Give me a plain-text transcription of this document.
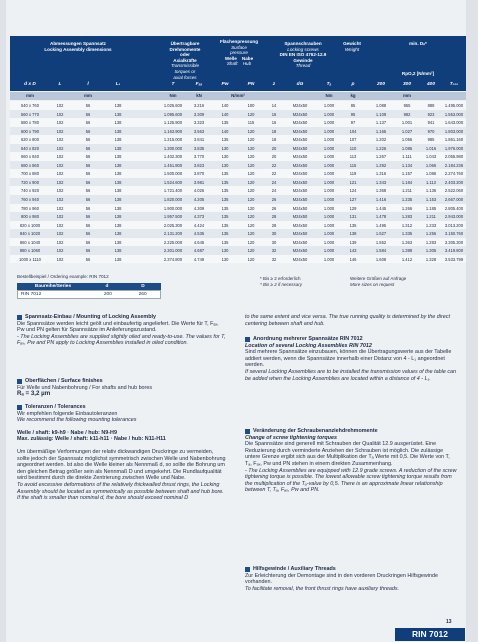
Abmessungen Spannsatz
Locking Assembly dimensions
Übertragbare
Drehmomente
oder
Axialkräfte
Transmissible
torques or
axial forces
Flächenpressung
Surface
pressure
Welle Nabe
Shaft Hub
Spannschrauben
Locking screws
DIN EN ISO 4762-12.9
Gewinde
Thread
Gewicht
Weight
min. Dₙ*
RpO,2 [N/mm²]
d x D	L	l	L₁	T	Fₐₓ	Pw	PN	z	dG	Tₐ	p	200	300	400	T₂₀₀
mm	mm	Nm	kN	N/mm²	Nm	kg	mm
540 x 760	102	56	138	1.025.600	3.216	140	100	14	M24x50	1.000	85	1.088	955	888	1.495.000
560 x 770	102	56	138	1.095.600	3.309	140	120	16	M24x50	1.000	95	1.109	982	923	1.553.000
580 x 780	102	56	138	1.125.900	3.323	135	115	16	M24x50	1.000	97	1.137	1.001	941	1.643.000
600 x 790	102	56	138	1.163.900	3.563	140	120	18	M24x50	1.000	104	1.165	1.027	970	1.803.000
620 x 800	102	56	138	1.215.000	3.841	135	120	18	M24x50	1.000	107	1.202	1.056	985	1.861.160
640 x 820	102	56	138	1.300.000	3.835	130	120	20	M24x50	1.000	110	1.226	1.085	1.016	1.976.000
660 x 840	102	56	138	1.402.300	3.770	130	120	20	M24x50	1.000	113	1.267	1.111	1.043	2.055.980
680 x 860	102	56	138	1.451.800	3.823	130	120	22	M24x50	1.000	115	1.292	1.134	1.066	2.184.236
700 x 880	102	56	138	1.500.000	3.870	135	120	22	M24x50	1.000	119	1.316	1.157	1.086	2.274.760
720 x 900	102	56	138	1.524.600	3.981	135	120	24	M24x50	1.000	121	1.343	1.184	1.113	2.403.200
740 x 920	102	56	138	1.721.400	4.026	135	120	24	M24x50	1.000	124	1.368	1.211	1.136	2.522.060
760 x 940	102	56	138	1.820.000	4.205	135	120	26	M24x50	1.000	127	1.416	1.235	1.153	2.667.000
780 x 960	102	56	138	1.900.000	4.309	135	120	26	M24x50	1.000	129	1.445	1.266	1.185	2.805.400
800 x 980	102	56	138	1.957.500	4.373	135	120	28	M24x50	1.000	131	1.478	1.283	1.211	2.943.000
820 x 1000	102	56	138	2.025.300	4.424	135	120	28	M24x50	1.000	135	1.495	1.312	1.233	3.013.200
840 x 1020	102	56	138	2.131.200	4.535	135	120	30	M24x50	1.000	138	1.527	1.335	1.256	3.150.760
860 x 1040	102	56	138	2.225.000	4.645	135	120	30	M24x50	1.000	139	1.552	1.363	1.283	3.305.300
880 x 1060	102	56	138	2.301.000	4.687	130	120	32	M24x50	1.000	143	1.584	1.388	1.305	3.419.800
1000 x 1110	102	56	138	2.374.800	4.749	130	120	32	M24x50	1.000	146	1.608	1.412	1.328	3.533.799
Bestellbeispiel / Ordering example: RIN 7012
Baureihe/Series	d	D
RIN 7012	200	260
* Bis ≥ 2 erforderlich
* Bis ≥ 2 if necessary
Weitere Größen auf Anfrage
More sizes on request
Spannsatz-Einbau / Mounting of Locking Assembly

Die Spannsätze werden leicht geölt und einbaufertig angeliefert. Die Werte für T, Fₐₓ, Pw und PN gelten für Spannsätze im Anlieferungszustand.

- The Locking Assemblies are supplied slightly oiled and ready-to-use. The values for T, Fₐₓ, Pw and PN apply to Locking Assemblies installed in oiled condition.

Oberflächen / Surface finishes

Für Welle und Nabenbohrung / For shafts and hub bores

Rₐ = 3,2 µm

Toleranzen / Tolerances

Wir empfehlen folgende Einbautoleranzen

We recommend the following mounting tolerances

Welle / shaft: k9-h9 · Nabe / hub: N9-H9

Max. zulässig: Welle / shaft: k11-h11 · Nabe / hub: N11-H11

Um übermäßige Verformungen der relativ dickwandigen Druckringe zu vermeiden, sollte jedoch der Spannsatz möglichst symmetrisch zwischen Welle und Nabenbohrung angeordnet werden. Ist also die Welle kleiner als Nennmaß d, so sollte die Bohrung um den gleichen Betrag größer sein als Nennmaß D und umgekehrt. Die Rundlaufqualität wird bestimmt durch die direkte Zentrierung zwischen Welle und Nabe.

To avoid excessive deformations of the relatively thickwalled thrust rings, the Locking Assembly should be located as symmetrically as possible between shaft and hub bore. If the shaft is smaller than nominal d, the bore should exceed nominal D

to the same extent and vice versa. The true running quality is determined by the direct centering between shaft and hub.

Anordnung mehrerer Spannsätze RIN 7012

Location of several Locking Assemblies RIN 7012

Sind mehrere Spannsätze einzubauen, können die Übertragungswerte aus der Tabelle addiert werden, wenn die Spannsätze innerhalb einer Distanz von 4 - L₁ angeordnet werden.

If several Locking Assemblies are to be installed the transmission values of the table can be added when the Locking Assemblies are located within a distance of 4 - L₁.

Veränderung der Schraubenanziehdrehmomente

Change of screw tightening torques

Die Spannsätze sind generell mit Schrauben der Qualität 12.9 ausgerüstet. Eine Reduzierung durch verminderte Anziehen der Schrauben ist möglich. Die zulässige untere Grenze ergibt sich aus der Multiplikation der Tₐ Werte mit 0,5. Die Werte von T, Tₐ, Fₐₓ, Pw und PN stehen in einem direkten Zusammenhang.

- The Locking Assemblies are equipped with 12.9 grade screws. A reduction of the screw tightening torque is possible. The lowest allowable screw tightening torque results from the multiplication of the Tₐ-value by 0,5. There is an approximate linear relationship between T, Tₐ, Fₐₓ, Pw and PN.

Hilfsgewinde / Auxiliary Threads

Zur Erleichterung der Demontage sind in den vorderen Druckringen Hilfsgewinde vorhanden.

To facilitate removal, the front thrust rings have auxiliary threads.

13
RIN 7012
